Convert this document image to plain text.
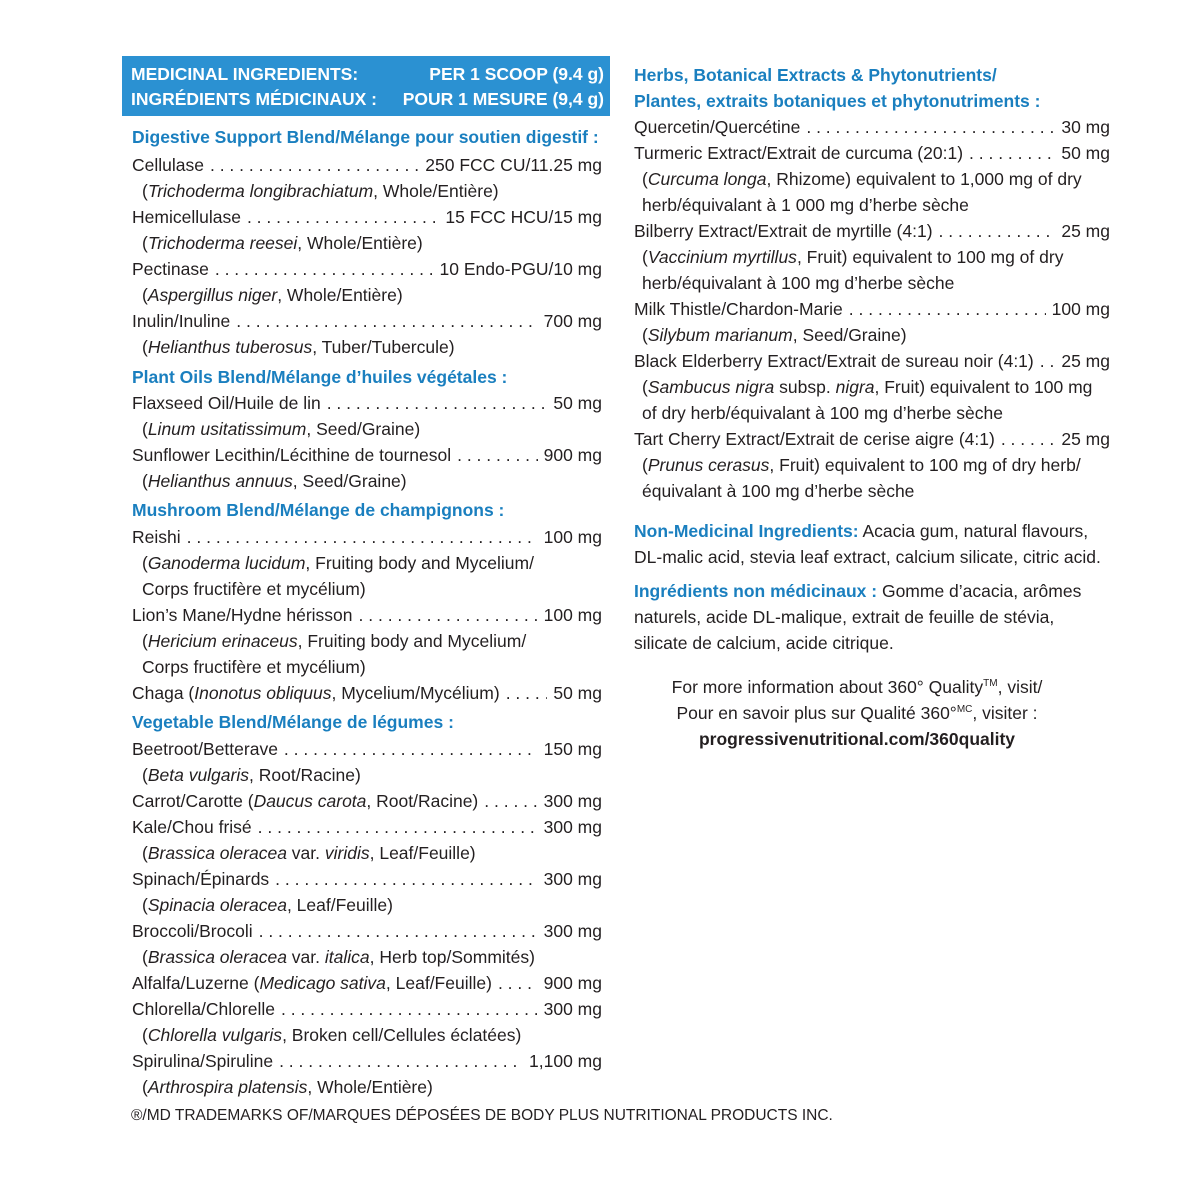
MEDICINAL INGREDIENTS:	PER 1 SCOOP (9.4 g)
INGRÉDIENTS MÉDICINAUX : POUR 1 MESURE (9,4 g)
Digestive Support Blend/Mélange pour soutien digestif :
Cellulase . . .	250 FCC CU/11.25 mg
(Trichoderma longibrachiatum, Whole/Entière)
Hemicellulase . . .	15 FCC HCU/15 mg
(Trichoderma reesei, Whole/Entière)
Pectinase . . .	10 Endo-PGU/10 mg
(Aspergillus niger, Whole/Entière)
Inulin/Inuline . . .	700 mg
(Helianthus tuberosus, Tuber/Tubercule)
Plant Oils Blend/Mélange d’huiles végétales :
Flaxseed Oil/Huile de lin . . .	50 mg
(Linum usitatissimum, Seed/Graine)
Sunflower Lecithin/Lécithine de tournesol . . .	900 mg
(Helianthus annuus, Seed/Graine)
Mushroom Blend/Mélange de champignons :
Reishi . . .	100 mg
(Ganoderma lucidum, Fruiting body and Mycelium/
Corps fructifère et mycélium)
Lion’s Mane/Hydne hérisson . . .	100 mg
(Hericium erinaceus, Fruiting body and Mycelium/
Corps fructifère et mycélium)
Chaga (Inonotus obliquus, Mycelium/Mycélium) . . .	50 mg
Vegetable Blend/Mélange de légumes :
Beetroot/Betterave . . .	150 mg
(Beta vulgaris, Root/Racine)
Carrot/Carotte (Daucus carota, Root/Racine) . . .	300 mg
Kale/Chou frisé . . .	300 mg
(Brassica oleracea var. viridis, Leaf/Feuille)
Spinach/Épinards . . .	300 mg
(Spinacia oleracea, Leaf/Feuille)
Broccoli/Brocoli . . .	300 mg
(Brassica oleracea var. italica, Herb top/Sommités)
Alfalfa/Luzerne (Medicago sativa, Leaf/Feuille) . . .	900 mg
Chlorella/Chlorelle . . .	300 mg
(Chlorella vulgaris, Broken cell/Cellules éclatées)
Spirulina/Spiruline . . .	1,100 mg
(Arthrospira platensis, Whole/Entière)
Herbs, Botanical Extracts & Phytonutrients/
Plantes, extraits botaniques et phytonutriments :
Quercetin/Quercétine . . .	30 mg
Turmeric Extract/Extrait de curcuma (20:1) . . .	50 mg
(Curcuma longa, Rhizome) equivalent to 1,000 mg of dry
herb/équivalant à 1 000 mg d’herbe sèche
Bilberry Extract/Extrait de myrtille (4:1) . . .	25 mg
(Vaccinium myrtillus, Fruit) equivalent to 100 mg of dry
herb/équivalant à 100 mg d’herbe sèche
Milk Thistle/Chardon-Marie . . .	100 mg
(Silybum marianum, Seed/Graine)
Black Elderberry Extract/Extrait de sureau noir (4:1) . . . 25 mg
(Sambucus nigra subsp. nigra, Fruit) equivalent to 100 mg
of dry herb/équivalant à 100 mg d’herbe sèche
Tart Cherry Extract/Extrait de cerise aigre (4:1) . . .	25 mg
(Prunus cerasus, Fruit) equivalent to 100 mg of dry herb/
équivalant à 100 mg d’herbe sèche
Non-Medicinal Ingredients: Acacia gum, natural flavours,
DL-malic acid, stevia leaf extract, calcium silicate, citric acid.
Ingrédients non médicinaux : Gomme d’acacia, arômes
naturels, acide DL-malique, extrait de feuille de stévia,
silicate de calcium, acide citrique.
For more information about 360° Quality™, visit/
Pour en savoir plus sur Qualité 360°$^{MC}$, visiter :
progressivenutritional.com/360quality
®/MD TRADEMARKS OF/MARQUES DÉPOSÉES DE BODY PLUS NUTRITIONAL PRODUCTS INC.
